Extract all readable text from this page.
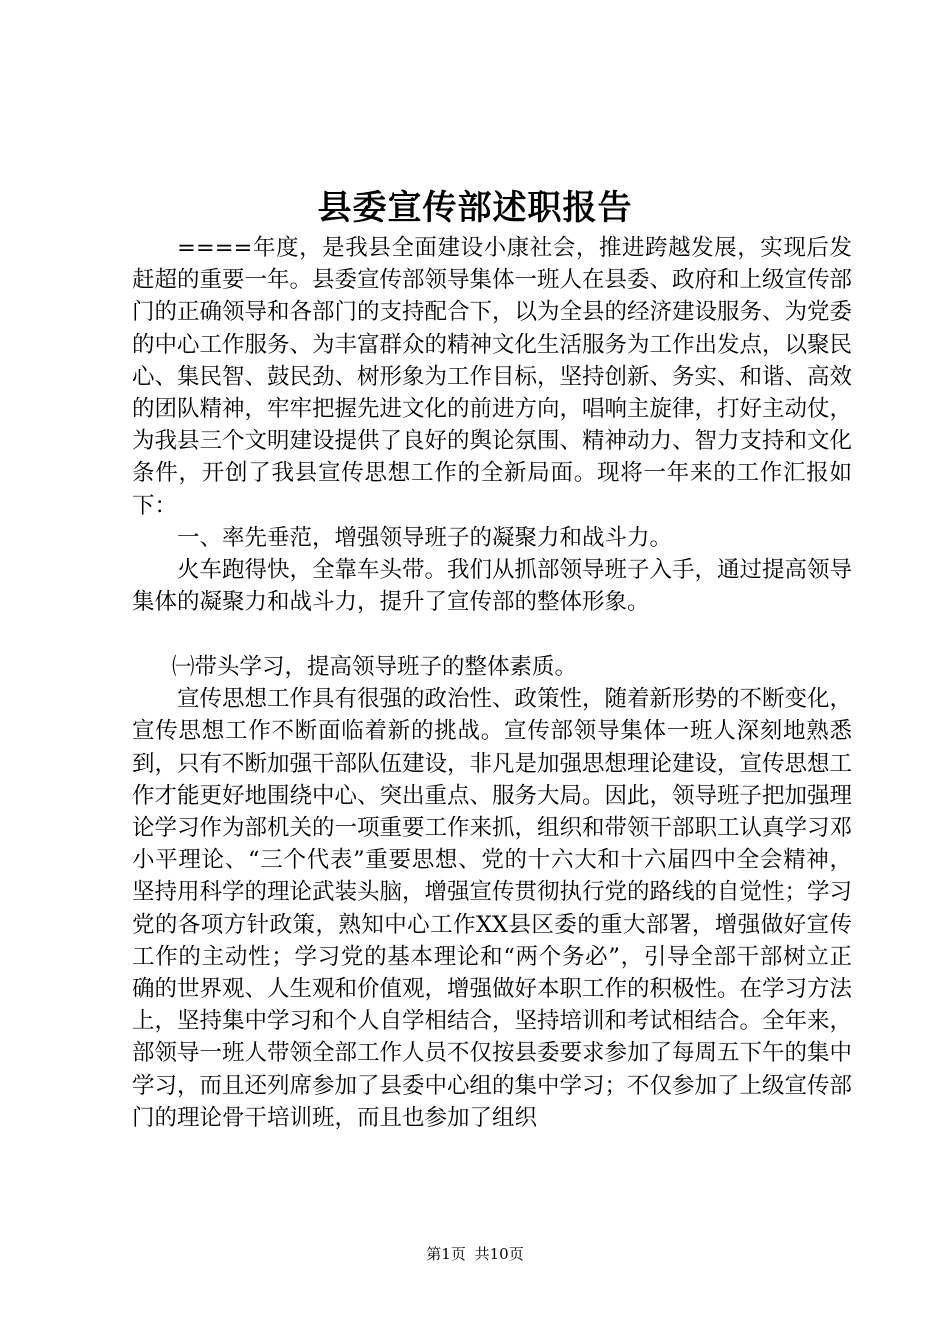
县委宣传部述职报告

====年度，是我县全面建设小康社会，推进跨越发展，实现后发赶超的重要一年。县委宣传部领导集体一班人在县委、政府和上级宣传部门的正确领导和各部门的支持配合下，以为全县的经济建设服务、为党委的中心工作服务、为丰富群众的精神文化生活服务为工作出发点，以聚民心、集民智、鼓民劲、树形象为工作目标，坚持创新、务实、和谐、高效的团队精神，牢牢把握先进文化的前进方向，唱响主旋律，打好主动仗，为我县三个文明建设提供了良好的舆论氛围、精神动力、智力支持和文化条件，开创了我县宣传思想工作的全新局面。现将一年来的工作汇报如下：

一、率先垂范，增强领导班子的凝聚力和战斗力。

火车跑得快，全靠车头带。我们从抓部领导班子入手，通过提高领导集体的凝聚力和战斗力，提升了宣传部的整体形象。

㈠带头学习，提高领导班子的整体素质。

宣传思想工作具有很强的政治性、政策性，随着新形势的不断变化，宣传思想工作不断面临着新的挑战。宣传部领导集体一班人深刻地熟悉到，只有不断加强干部队伍建设，非凡是加强思想理论建设，宣传思想工作才能更好地围绕中心、突出重点、服务大局。因此，领导班子把加强理论学习作为部机关的一项重要工作来抓，组织和带领干部职工认真学习邓小平理论、“三个代表”重要思想、党的十六大和十六届四中全会精神，坚持用科学的理论武装头脑，增强宣传贯彻执行党的路线的自觉性；学习党的各项方针政策，熟知中心工作XX县区委的重大部署，增强做好宣传工作的主动性；学习党的基本理论和“两个务必”，引导全部干部树立正确的世界观、人生观和价值观，增强做好本职工作的积极性。在学习方法上，坚持集中学习和个人自学相结合，坚持培训和考试相结合。全年来，部领导一班人带领全部工作人员不仅按县委要求参加了每周五下午的集中学习，而且还列席参加了县委中心组的集中学习；不仅参加了上级宣传部门的理论骨干培训班，而且也参加了组织

第1页 共10页
